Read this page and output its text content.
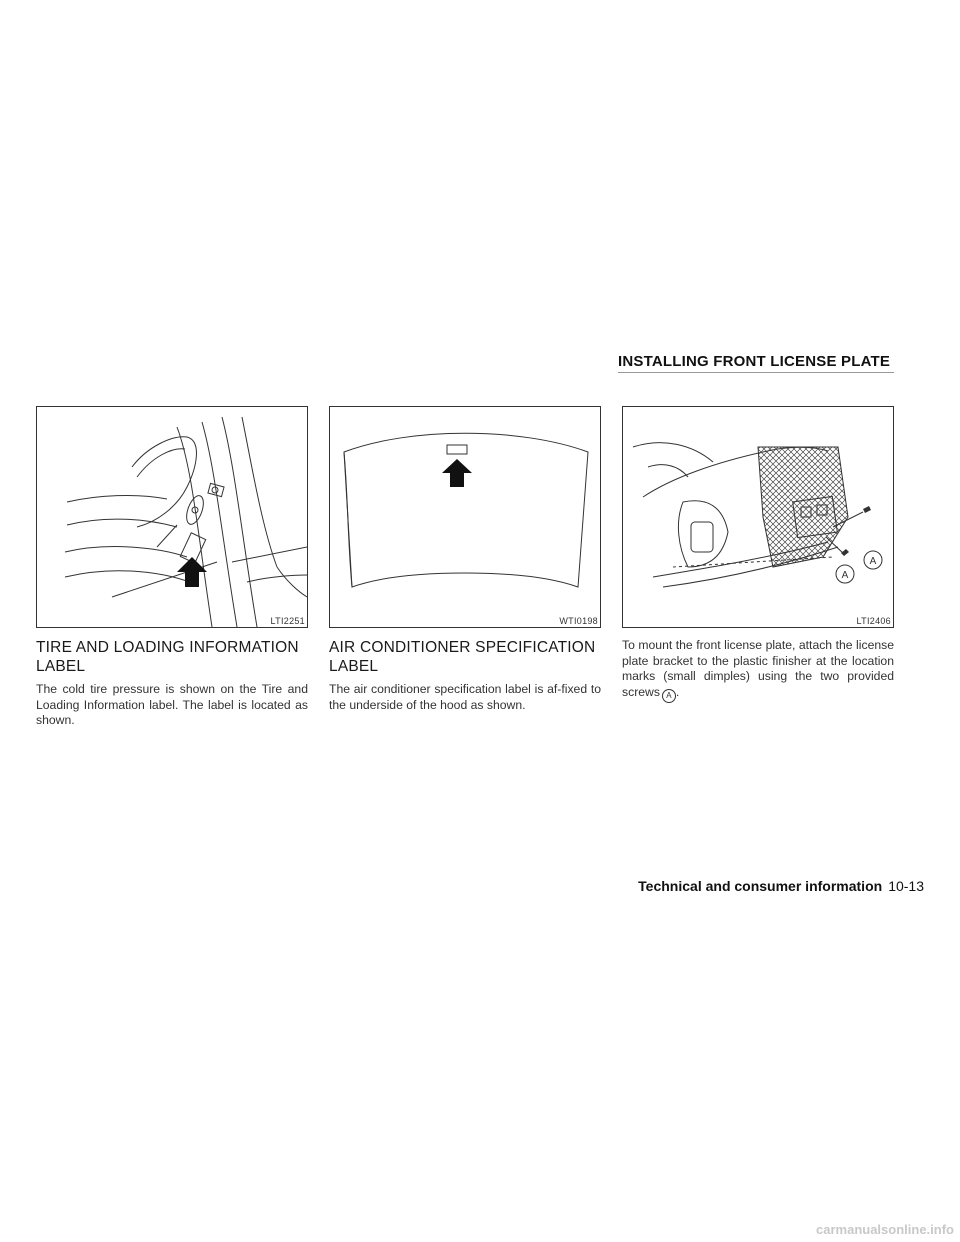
INSTALLING FRONT LICENSE PLATE
LTI2251
TIRE AND LOADING INFORMATION LABEL

The cold tire pressure is shown on the Tire and Loading Information label. The label is located as shown.

WTI0198
AIR CONDITIONER SPECIFICATION LABEL

The air conditioner specification label is af-fixed to the underside of the hood as shown.

A
A
LTI2406

To mount the front license plate, attach the license plate bracket to the plastic finisher at the location marks (small dimples) using the two provided screws A .

Technical and consumer information 10-13
carmanualsonline.info
